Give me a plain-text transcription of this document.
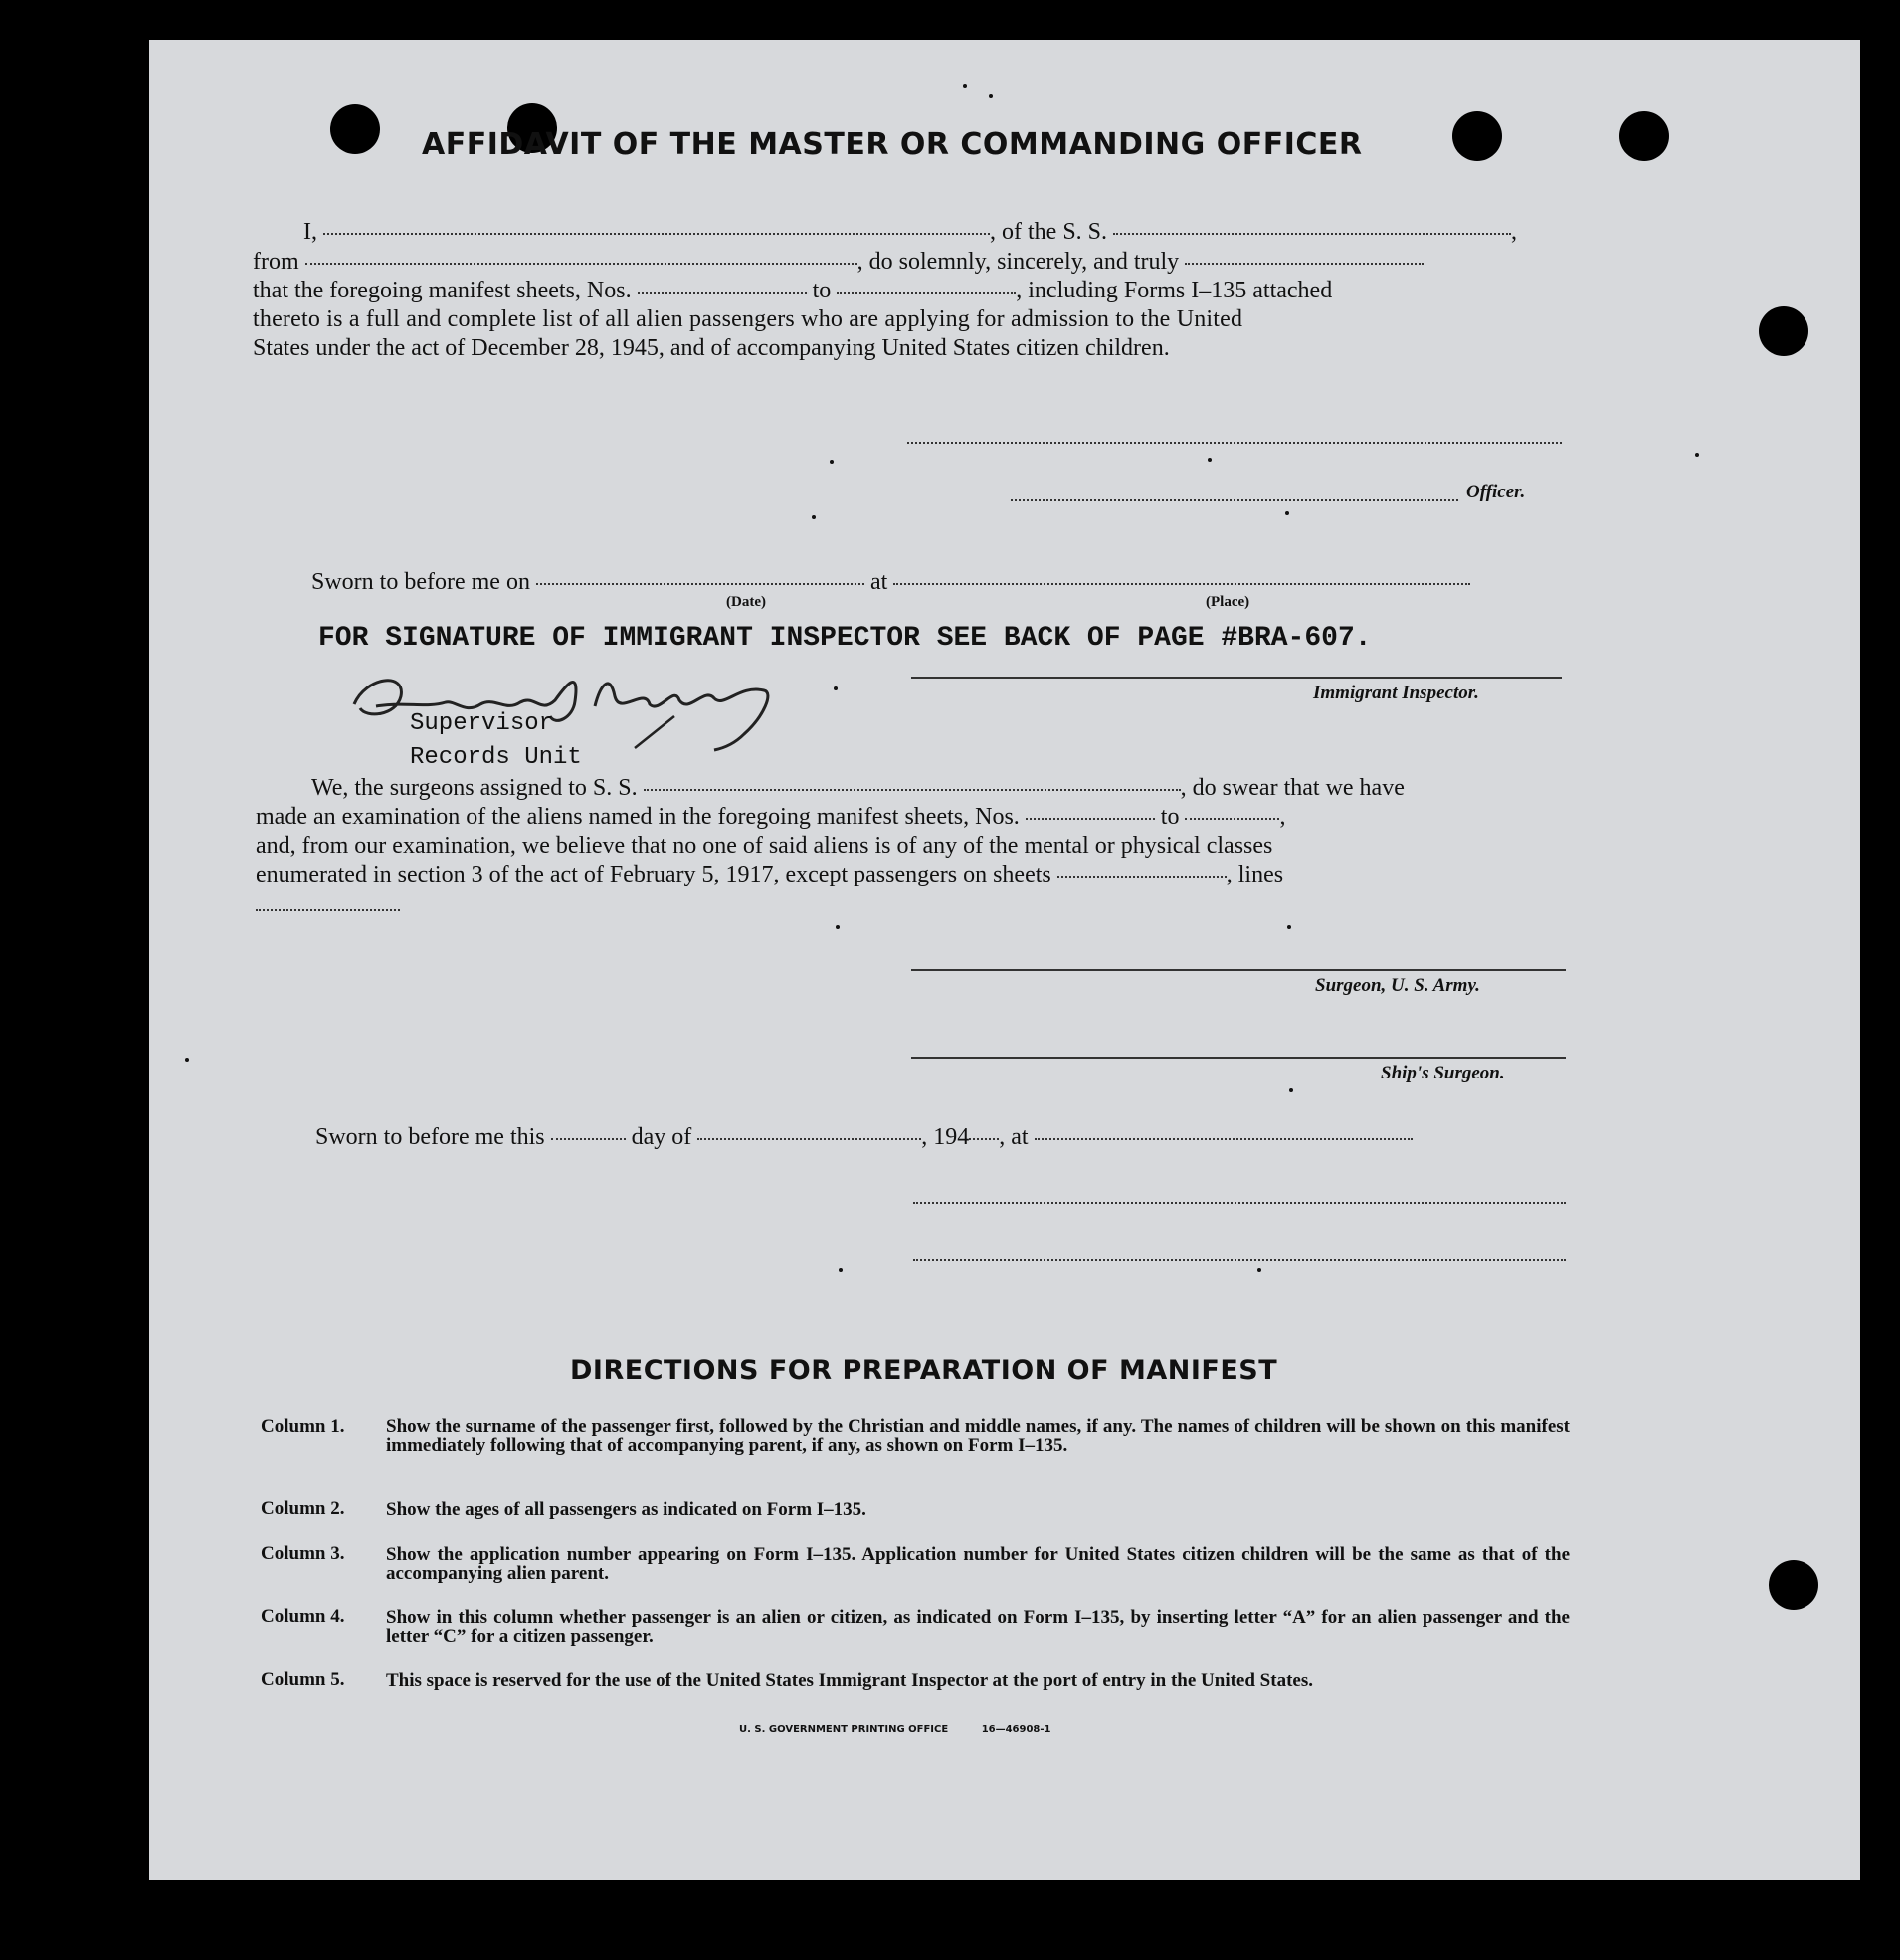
AFFIDAVIT OF THE MASTER OR COMMANDING OFFICER
I,	, of the S. S.	,
from	, do solemnly, sincerely, and truly
that the foregoing manifest sheets, Nos.	to	, including Forms I–135 attached
thereto is a full and complete list of all alien passengers who are applying for admission to the United
States under the act of December 28, 1945, and of accompanying United States citizen children.
Officer.
Sworn to before me on	at
(Date)	(Place)
FOR SIGNATURE OF IMMIGRANT INSPECTOR SEE BACK OF PAGE #BRA-607.
Supervisor
Records Unit
Immigrant Inspector.
We, the surgeons assigned to S. S.	, do swear that we have
made an examination of the aliens named in the foregoing manifest sheets, Nos.	to	,
and, from our examination, we believe that no one of said aliens is of any of the mental or physical classes
enumerated in section 3 of the act of February 5, 1917, except passengers on sheets	, lines
Surgeon, U. S. Army.
Ship's Surgeon.
Sworn to before me this	day of	, 194 , at
DIRECTIONS FOR PREPARATION OF MANIFEST
Column 1. Show the surname of the passenger first, followed by the Christian and middle names, if any. The names of children will be shown on this manifest immediately following that of accompanying parent, if any, as shown on Form I–135.
Column 2. Show the ages of all passengers as indicated on Form I–135.
Column 3. Show the application number appearing on Form I–135. Application number for United States citizen children will be the same as that of the accompanying alien parent.
Column 4. Show in this column whether passenger is an alien or citizen, as indicated on Form I–135, by inserting letter “A” for an alien passenger and the letter “C” for a citizen passenger.
Column 5. This space is reserved for the use of the United States Immigrant Inspector at the port of entry in the United States.
U. S. GOVERNMENT PRINTING OFFICE	16—46908-1
